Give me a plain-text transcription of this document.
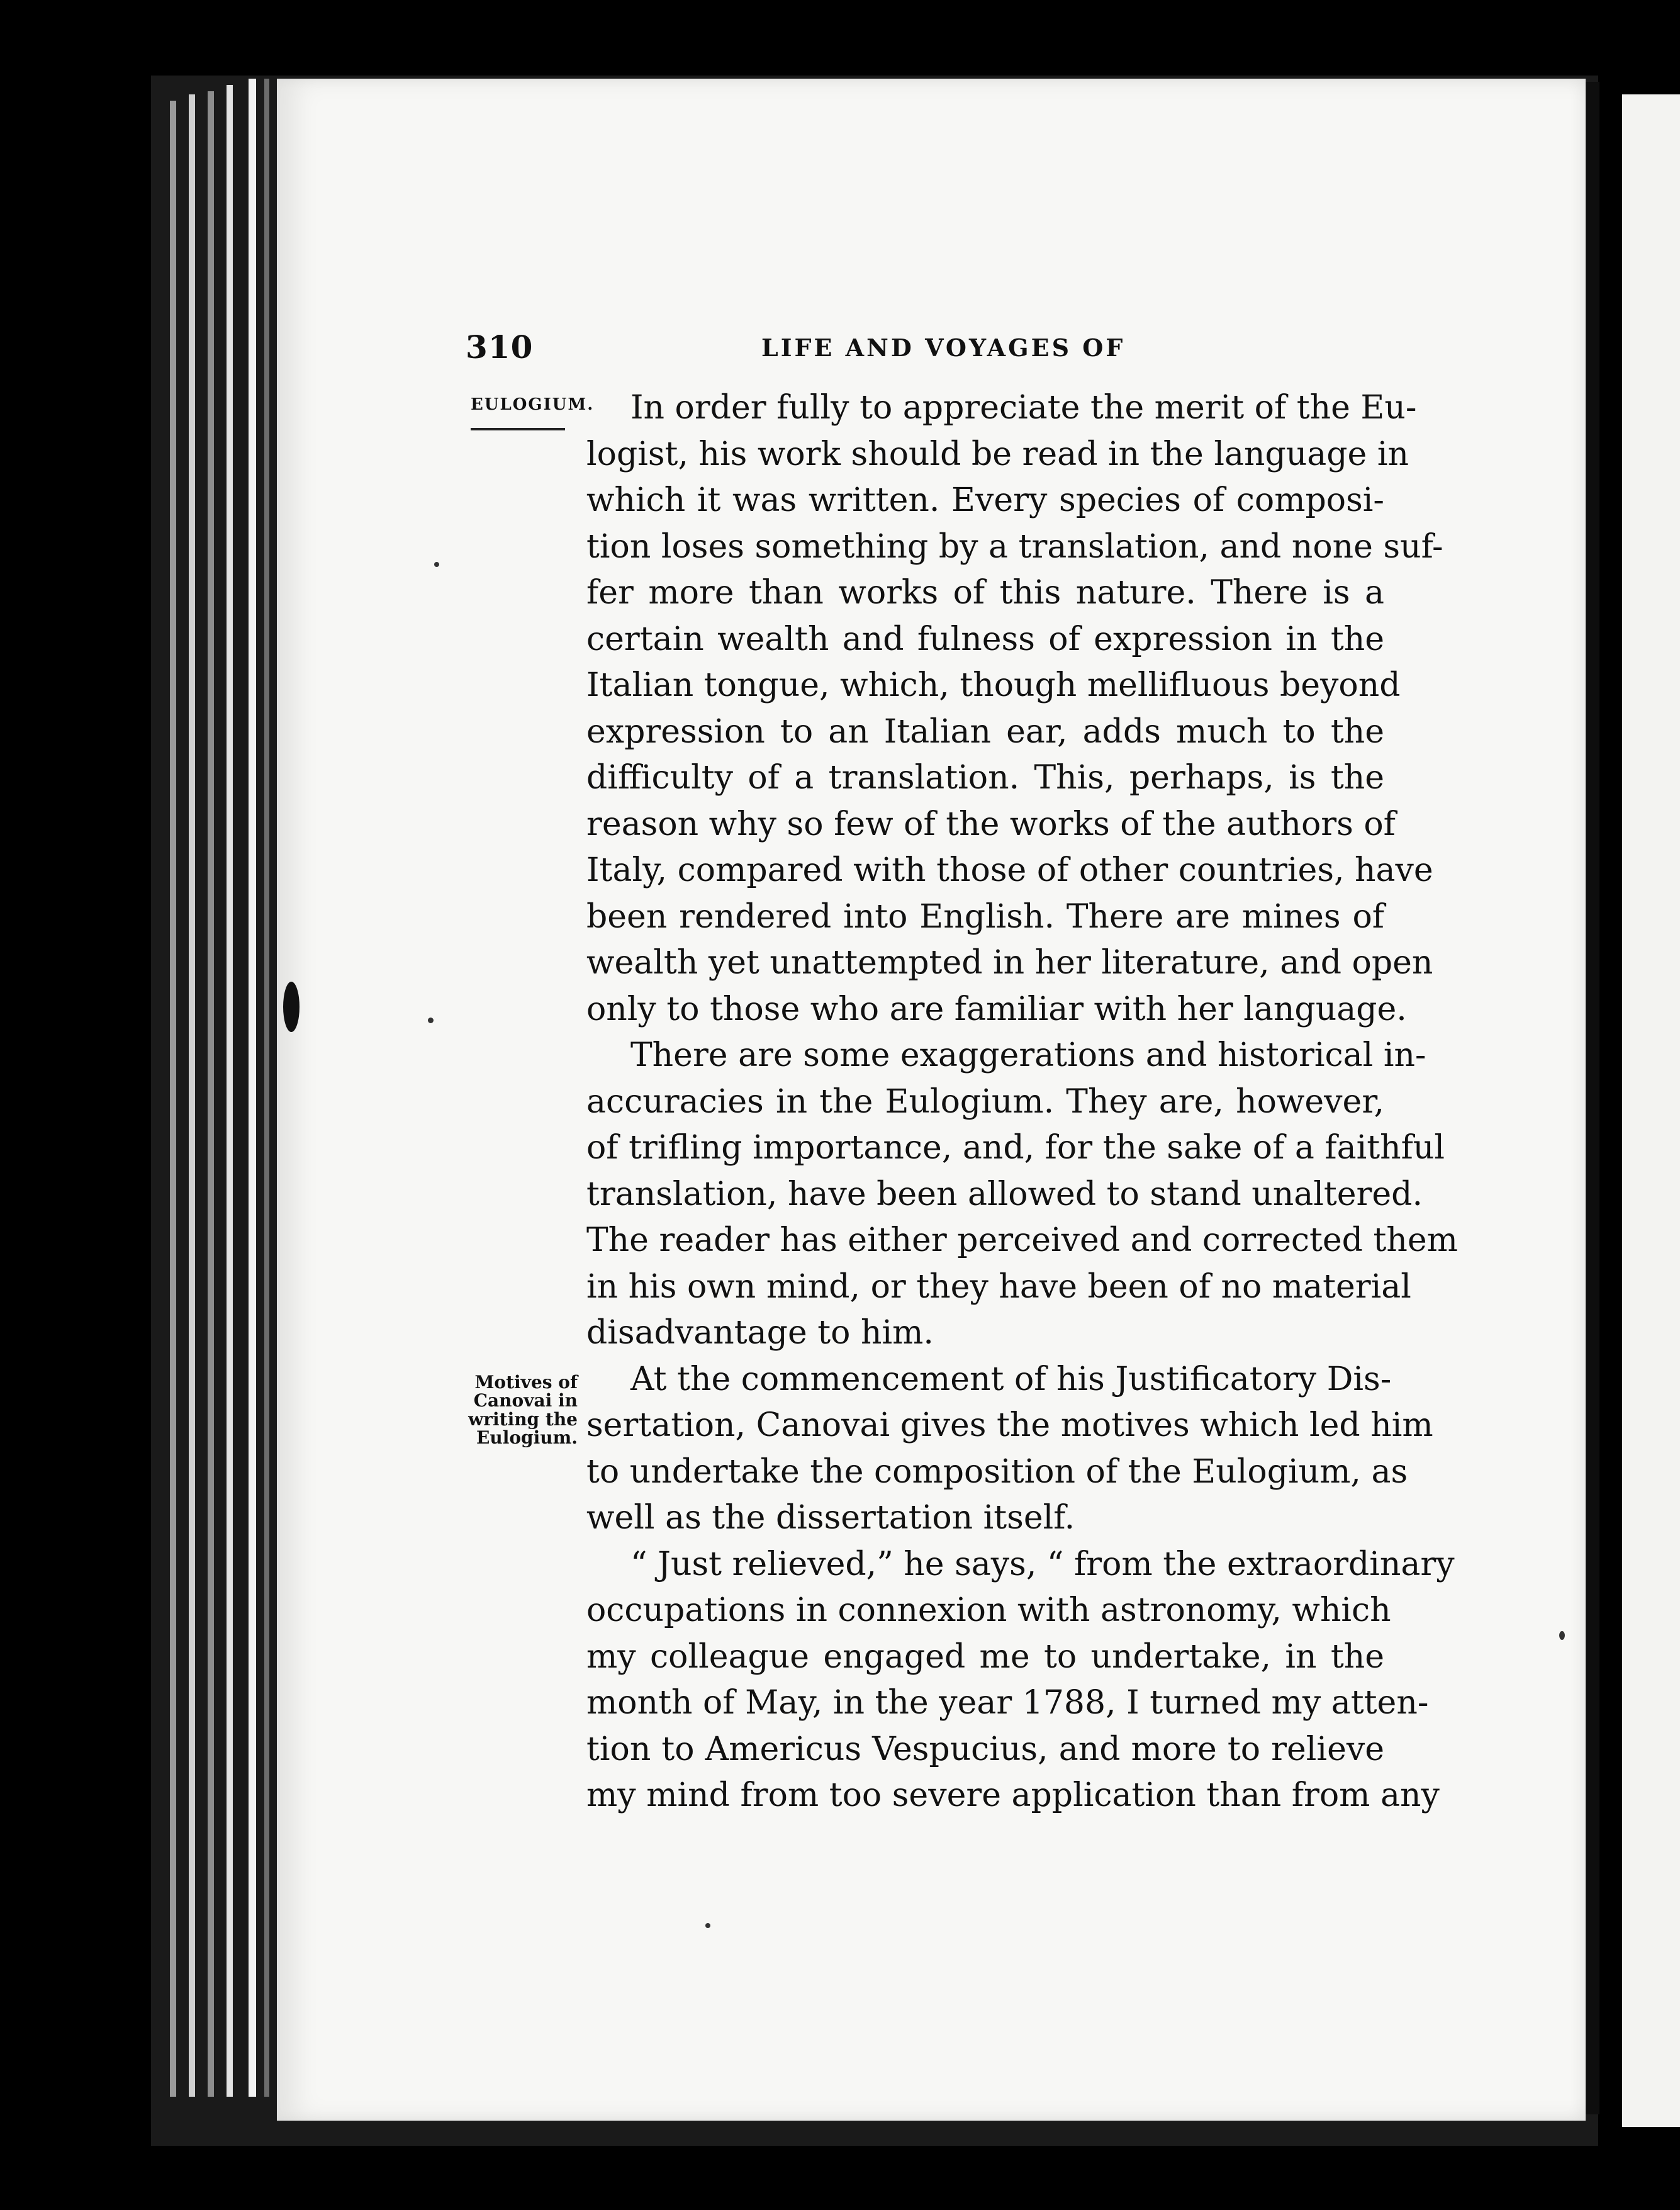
310	LIFE AND VOYAGES OF
EULOGIUM.
Motives of
Canovai in
writing the
Eulogium.
In order fully to appreciate the merit of the Eu-
logist, his work should be read in the language in
which it was written. Every species of composi-
tion loses something by a translation, and none suf-
fer more than works of this nature. There is a
certain wealth and fulness of expression in the
Italian tongue, which, though mellifluous beyond
expression to an Italian ear, adds much to the
difficulty of a translation. This, perhaps, is the
reason why so few of the works of the authors of
Italy, compared with those of other countries, have
been rendered into English. There are mines of
wealth yet unattempted in her literature, and open
only to those who are familiar with her language.
There are some exaggerations and historical in-
accuracies in the Eulogium. They are, however,
of trifling importance, and, for the sake of a faithful
translation, have been allowed to stand unaltered.
The reader has either perceived and corrected them
in his own mind, or they have been of no material
disadvantage to him.
At the commencement of his Justificatory Dis-
sertation, Canovai gives the motives which led him
to undertake the composition of the Eulogium, as
well as the dissertation itself.
“ Just relieved,” he says, “ from the extraordinary
occupations in connexion with astronomy, which
my colleague engaged me to undertake, in the
month of May, in the year 1788, I turned my atten-
tion to Americus Vespucius, and more to relieve
my mind from too severe application than from any
